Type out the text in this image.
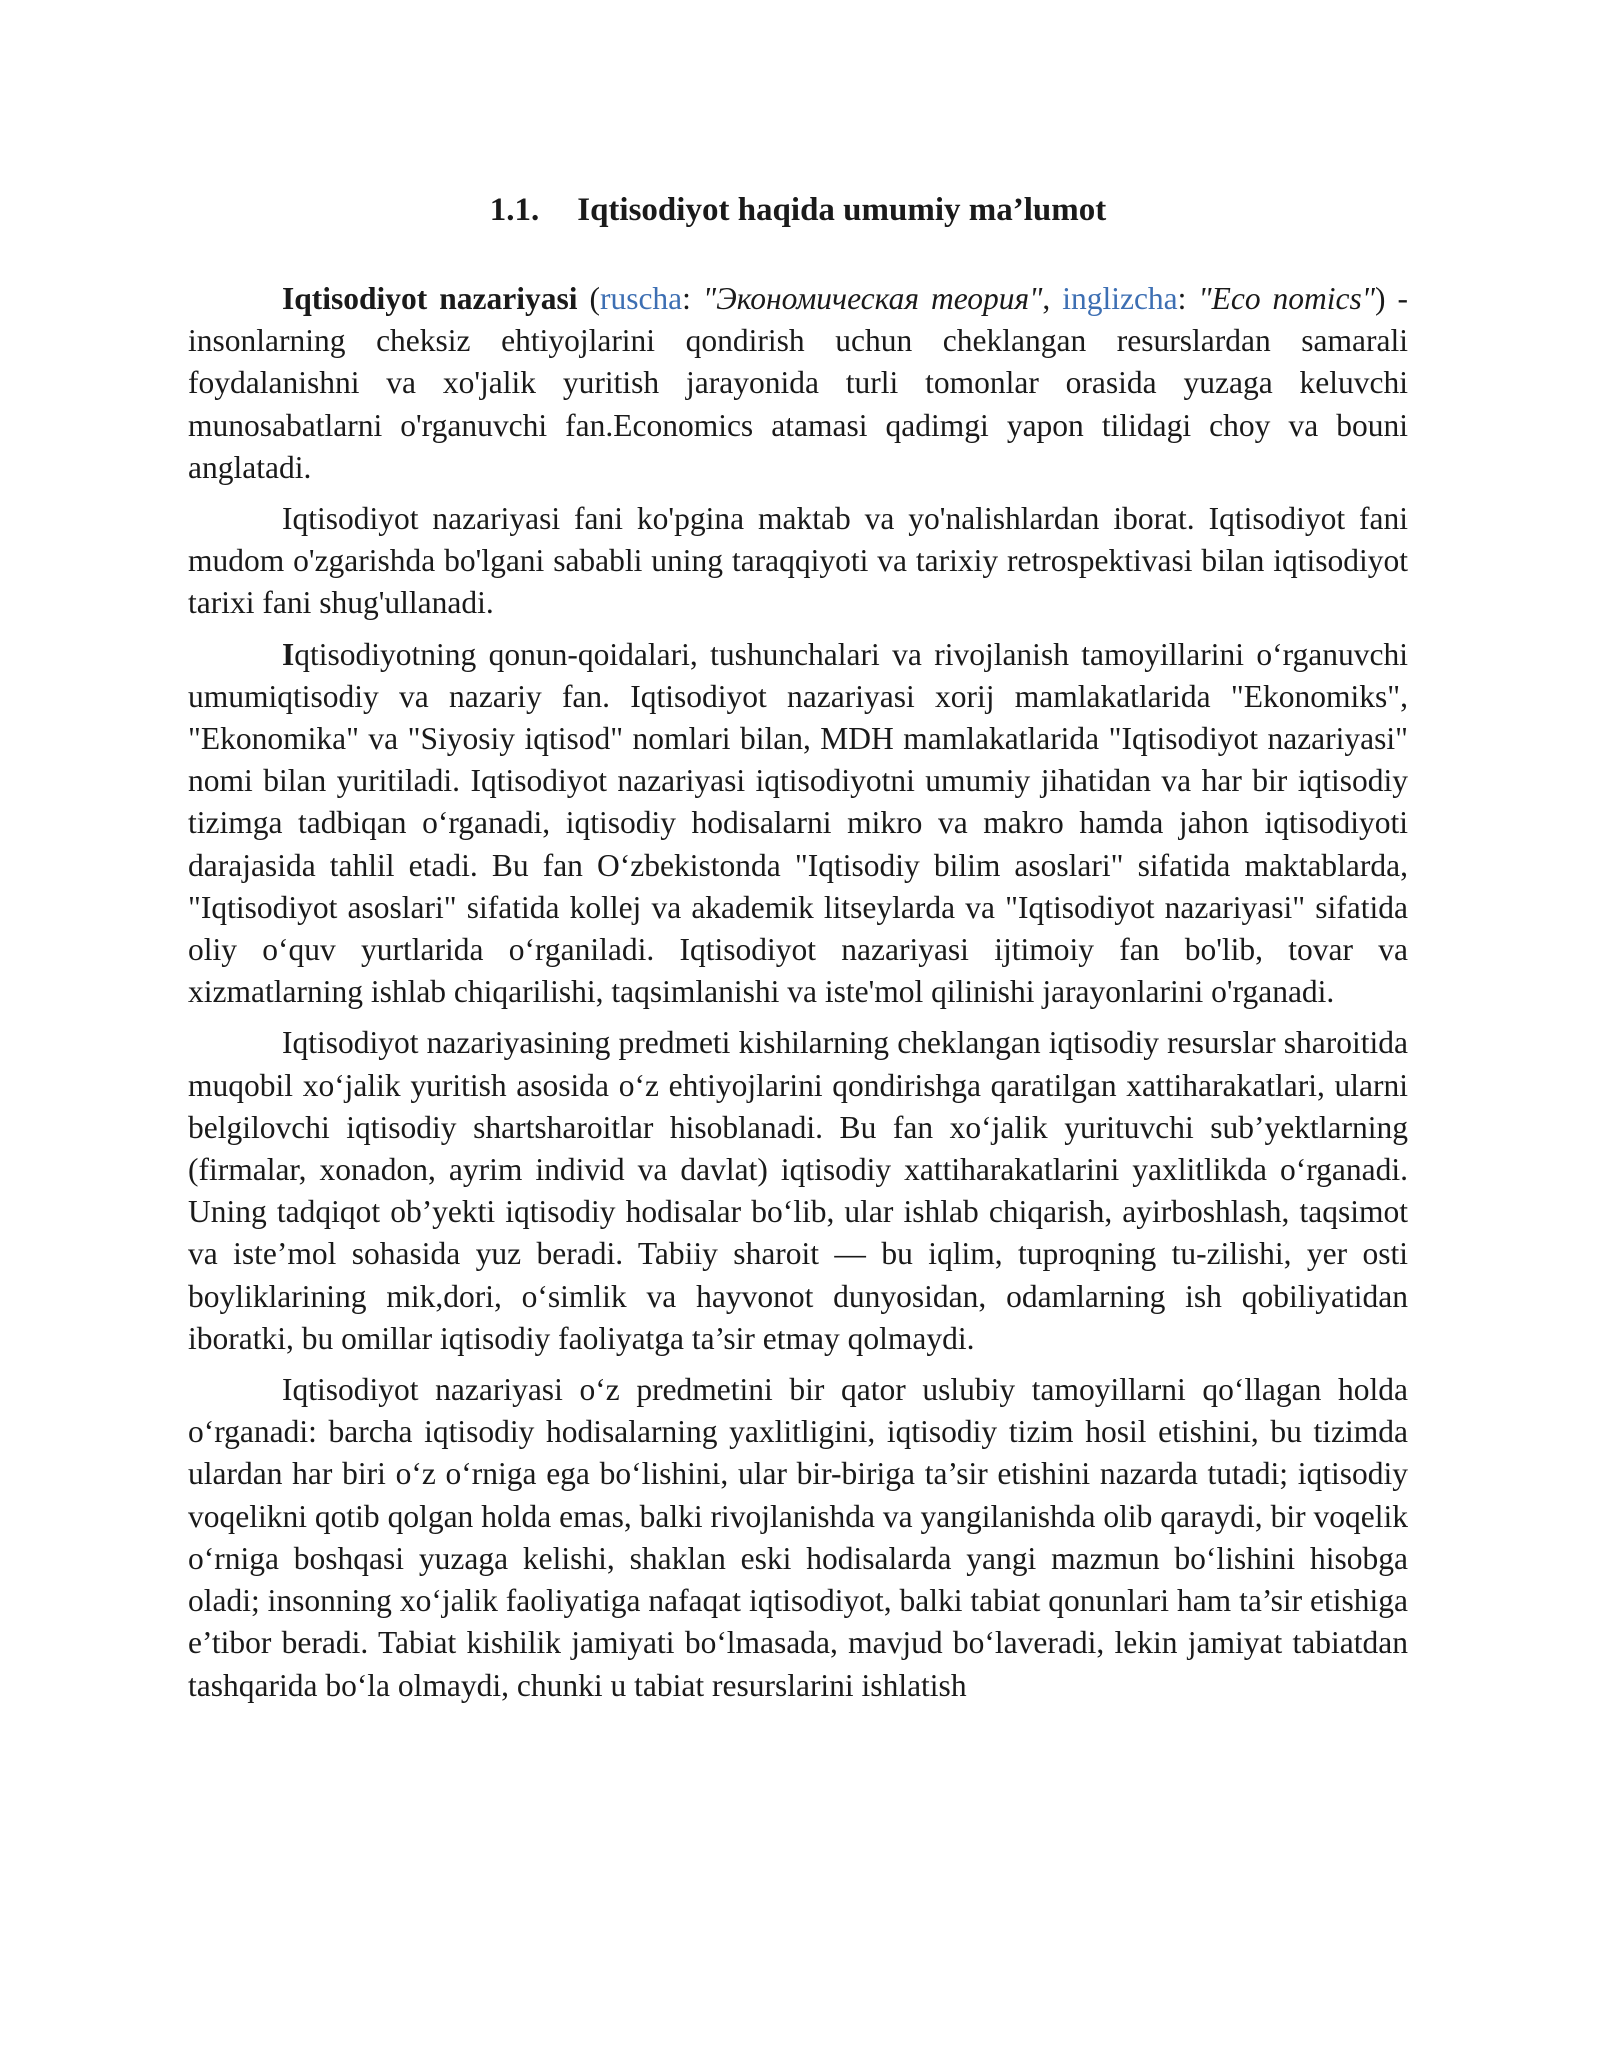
1.1. Iqtisodiyot haqida umumiy ma’lumot

Iqtisodiyot nazariyasi (ruscha: "Экономическая теория", inglizcha: "Eco nomics") - insonlarning cheksiz ehtiyojlarini qondirish uchun cheklangan resurslardan samarali foydalanishni va xo'jalik yuritish jarayonida turli tomonlar orasida yuzaga keluvchi munosabatlarni o'rganuvchi fan.Economics atamasi qadimgi yapon tilidagi choy va bouni anglatadi.

Iqtisodiyot nazariyasi fani ko'pgina maktab va yo'nalishlardan iborat. Iqtisodiyot fani mudom o'zgarishda bo'lgani sababli uning taraqqiyoti va tarixiy retrospektivasi bilan iqtisodiyot tarixi fani shug'ullanadi.

Iqtisodiyotning qonun-qoidalari, tushunchalari va rivojlanish tamoyillarini o‘rganuvchi umumiqtisodiy va nazariy fan. Iqtisodiyot nazariyasi xorij mamlakatlarida "Ekonomiks", "Ekonomika" va "Siyosiy iqtisod" nomlari bilan, MDH mamlakatlarida "Iqtisodiyot nazariyasi" nomi bilan yuritiladi. Iqtisodiyot nazariyasi iqtisodiyotni umumiy jihatidan va har bir iqtisodiy tizimga tadbiqan o‘rganadi, iqtisodiy hodisalarni mikro va makro hamda jahon iqtisodiyoti darajasida tahlil etadi. Bu fan O‘zbekistonda "Iqtisodiy bilim asoslari" sifatida maktablarda, "Iqtisodiyot asoslari" sifatida kollej va akademik litseylarda va "Iqtisodiyot nazariyasi" sifatida oliy o‘quv yurtlarida o‘rganiladi. Iqtisodiyot nazariyasi ijtimoiy fan bo'lib, tovar va xizmatlarning ishlab chiqarilishi, taqsimlanishi va iste'mol qilinishi jarayonlarini o'rganadi.

Iqtisodiyot nazariyasining predmeti kishilarning cheklangan iqtisodiy resurslar sharoitida muqobil xo‘jalik yuritish asosida o‘z ehtiyojlarini qondirishga qaratilgan xattiharakatlari, ularni belgilovchi iqtisodiy shartsharoitlar hisoblanadi. Bu fan xo‘jalik yurituvchi sub’yektlarning (firmalar, xonadon, ayrim individ va davlat) iqtisodiy xattiharakatlarini yaxlitlikda o‘rganadi. Uning tadqiqot ob’yekti iqtisodiy hodisalar bo‘lib, ular ishlab chiqarish, ayirboshlash, taqsimot va iste’mol sohasida yuz beradi. Tabiiy sharoit — bu iqlim, tuproqning tu-zilishi, yer osti boyliklarining mik,dori, o‘simlik va hayvonot dunyosidan, odamlarning ish qobiliyatidan iboratki, bu omillar iqtisodiy faoliyatga ta’sir etmay qolmaydi.

Iqtisodiyot nazariyasi o‘z predmetini bir qator uslubiy tamoyillarni qo‘llagan holda o‘rganadi: barcha iqtisodiy hodisalarning yaxlitligini, iqtisodiy tizim hosil etishini, bu tizimda ulardan har biri o‘z o‘rniga ega bo‘lishini, ular bir-biriga ta’sir etishini nazarda tutadi; iqtisodiy voqelikni qotib qolgan holda emas, balki rivojlanishda va yangilanishda olib qaraydi, bir voqelik o‘rniga boshqasi yuzaga kelishi, shaklan eski hodisalarda yangi mazmun bo‘lishini hisobga oladi; insonning xo‘jalik faoliyatiga nafaqat iqtisodiyot, balki tabiat qonunlari ham ta’sir etishiga e’tibor beradi. Tabiat kishilik jamiyati bo‘lmasada, mavjud bo‘laveradi, lekin jamiyat tabiatdan tashqarida bo‘la olmaydi, chunki u tabiat resurslarini ishlatish
